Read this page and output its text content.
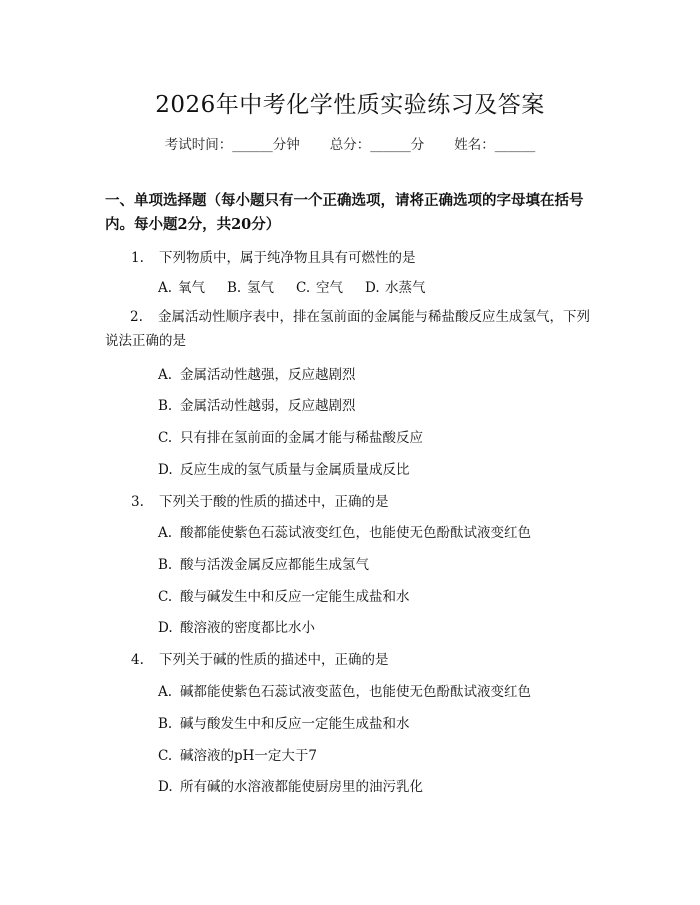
2026年中考化学性质实验练习及答案
考试时间：______分钟 总分：______分 姓名：______
一、单项选择题（每小题只有一个正确选项，请将正确选项的字母填在括号内。每小题2分，共20分）
1. 下列物质中，属于纯净物且具有可燃性的是
A. 氧气 B. 氢气 C. 空气 D. 水蒸气
2. 金属活动性顺序表中，排在氢前面的金属能与稀盐酸反应生成氢气，下列说法正确的是
A. 金属活动性越强，反应越剧烈
B. 金属活动性越弱，反应越剧烈
C. 只有排在氢前面的金属才能与稀盐酸反应
D. 反应生成的氢气质量与金属质量成反比
3. 下列关于酸的性质的描述中，正确的是
A. 酸都能使紫色石蕊试液变红色，也能使无色酚酞试液变红色
B. 酸与活泼金属反应都能生成氢气
C. 酸与碱发生中和反应一定能生成盐和水
D. 酸溶液的密度都比水小
4. 下列关于碱的性质的描述中，正确的是
A. 碱都能使紫色石蕊试液变蓝色，也能使无色酚酞试液变红色
B. 碱与酸发生中和反应一定能生成盐和水
C. 碱溶液的pH一定大于7
D. 所有碱的水溶液都能使厨房里的油污乳化
